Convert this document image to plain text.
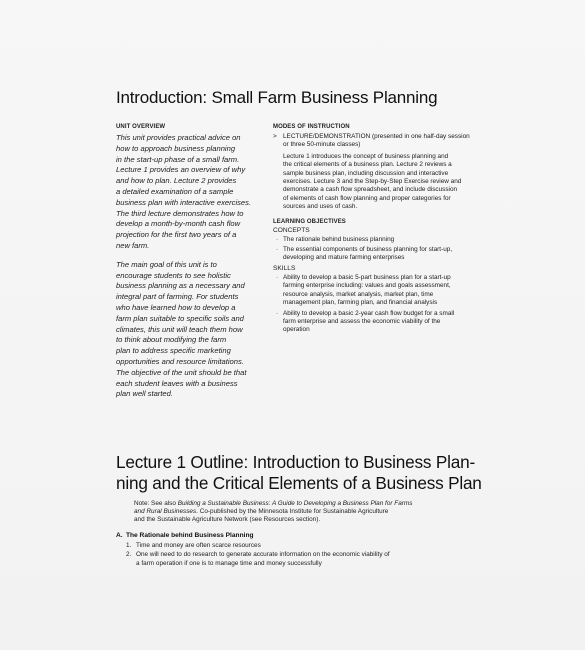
Introduction: Small Farm Business Planning
UNIT OVERVIEW
This unit provides practical advice on
how to approach business planning
in the start-up phase of a small farm.
Lecture 1 provides an overview of why
and how to plan. Lecture 2 provides
a detailed examination of a sample
business plan with interactive exercises.
The third lecture demonstrates how to
develop a month-by-month cash flow
projection for the first two years of a
new farm.
The main goal of this unit is to
encourage students to see holistic
business planning as a necessary and
integral part of farming. For students
who have learned how to develop a
farm plan suitable to specific soils and
climates, this unit will teach them how
to think about modifying the farm
plan to address specific marketing
opportunities and resource limitations.
The objective of the unit should be that
each student leaves with a business
plan well started.
MODES OF INSTRUCTION
> LECTURE/DEMONSTRATION (presented in one half-day session
or three 50-minute classes)
Lecture 1 introduces the concept of business planning and
the critical elements of a business plan. Lecture 2 reviews a
sample business plan, including discussion and interactive
exercises. Lecture 3 and the Step-by-Step Exercise review and
demonstrate a cash flow spreadsheet, and include discussion
of elements of cash flow planning and proper categories for
sources and uses of cash.
LEARNING OBJECTIVES
CONCEPTS
· The rationale behind business planning
· The essential components of business planning for start-up,
developing and mature farming enterprises
SKILLS
· Ability to develop a basic 5-part business plan for a start-up
farming enterprise including: values and goals assessment,
resource analysis, market analysis, market plan, time
management plan, farming plan, and financial analysis
· Ability to develop a basic 2-year cash flow budget for a small
farm enterprise and assess the economic viability of the
operation
Lecture 1 Outline: Introduction to Business Plan-
ning and the Critical Elements of a Business Plan
Note: See also Building a Sustainable Business: A Guide to Developing a Business Plan for Farms
and Rural Businesses. Co-published by the Minnesota Institute for Sustainable Agriculture
and the Sustainable Agriculture Network (see Resources section).
A. The Rationale behind Business Planning
1. Time and money are often scarce resources
2. One will need to do research to generate accurate information on the economic viability of
a farm operation if one is to manage time and money successfully
